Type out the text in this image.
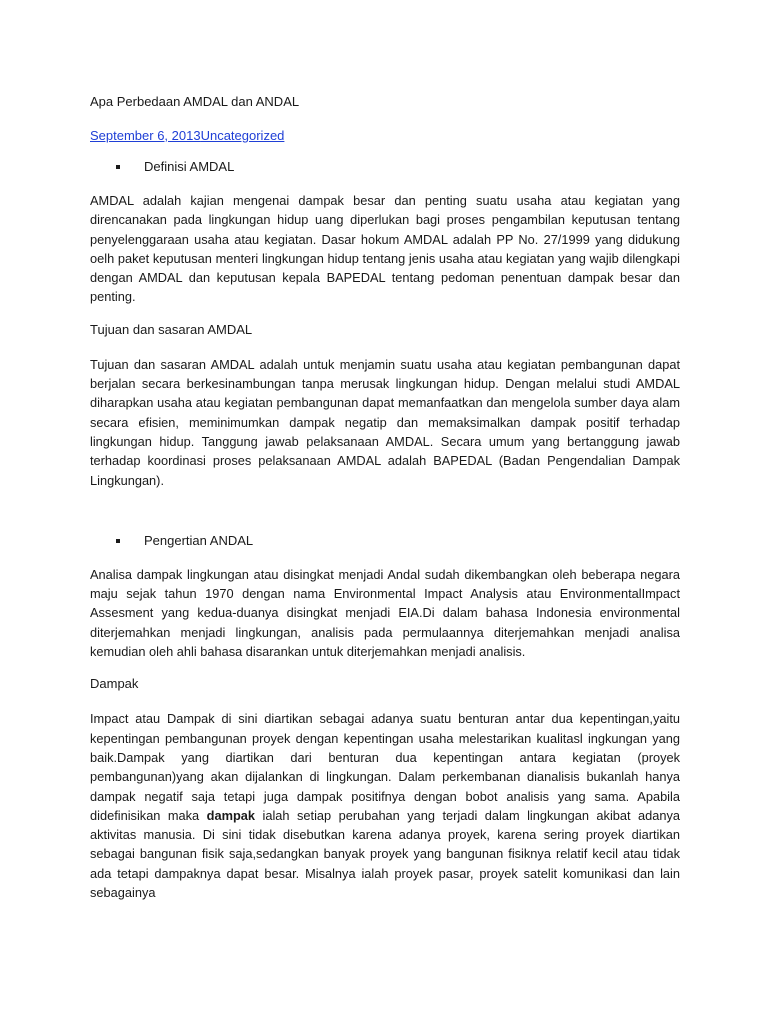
Apa Perbedaan AMDAL dan ANDAL
September 6, 2013Uncategorized
Definisi AMDAL

AMDAL adalah kajian mengenai dampak besar dan penting suatu usaha atau kegiatan yang direncanakan pada lingkungan hidup uang diperlukan bagi proses pengambilan keputusan tentang penyelenggaraan usaha atau kegiatan. Dasar hokum AMDAL adalah PP No. 27/1999 yang didukung oelh paket keputusan menteri lingkungan hidup tentang jenis usaha atau kegiatan yang wajib dilengkapi dengan AMDAL dan keputusan kepala BAPEDAL tentang pedoman penentuan dampak besar dan penting.

Tujuan dan sasaran AMDAL

Tujuan dan sasaran AMDAL adalah untuk menjamin suatu usaha atau kegiatan pembangunan dapat berjalan secara berkesinambungan tanpa merusak lingkungan hidup. Dengan melalui studi AMDAL diharapkan usaha atau kegiatan pembangunan dapat memanfaatkan dan mengelola sumber daya alam secara efisien, meminimumkan dampak negatip dan memaksimalkan dampak positif terhadap lingkungan hidup. Tanggung jawab pelaksanaan AMDAL. Secara umum yang bertanggung jawab terhadap koordinasi proses pelaksanaan AMDAL adalah BAPEDAL (Badan Pengendalian Dampak Lingkungan).

Pengertian ANDAL

Analisa dampak lingkungan atau disingkat menjadi Andal sudah dikembangkan oleh beberapa negara maju sejak tahun 1970 dengan nama Environmental Impact Analysis atau EnvironmentalImpact Assesment yang kedua-duanya disingkat menjadi EIA.Di dalam bahasa Indonesia environmental diterjemahkan menjadi lingkungan, analisis pada permulaannya diterjemahkan menjadi analisa kemudian oleh ahli bahasa disarankan untuk diterjemahkan menjadi analisis.

Dampak

Impact atau Dampak di sini diartikan sebagai adanya suatu benturan antar dua kepentingan,yaitu kepentingan pembangunan proyek dengan kepentingan usaha melestarikan kualitasl ingkungan yang baik.Dampak yang diartikan dari benturan dua kepentingan antara kegiatan (proyek pembangunan)yang akan dijalankan di lingkungan. Dalam perkembanan dianalisis bukanlah hanya dampak negatif saja tetapi juga dampak positifnya dengan bobot analisis yang sama. Apabila didefinisikan maka dampak ialah setiap perubahan yang terjadi dalam lingkungan akibat adanya aktivitas manusia. Di sini tidak disebutkan karena adanya proyek, karena sering proyek diartikan sebagai bangunan fisik saja,sedangkan banyak proyek yang bangunan fisiknya relatif kecil atau tidak ada tetapi dampaknya dapat besar. Misalnya ialah proyek pasar, proyek satelit komunikasi dan lain sebagainya
